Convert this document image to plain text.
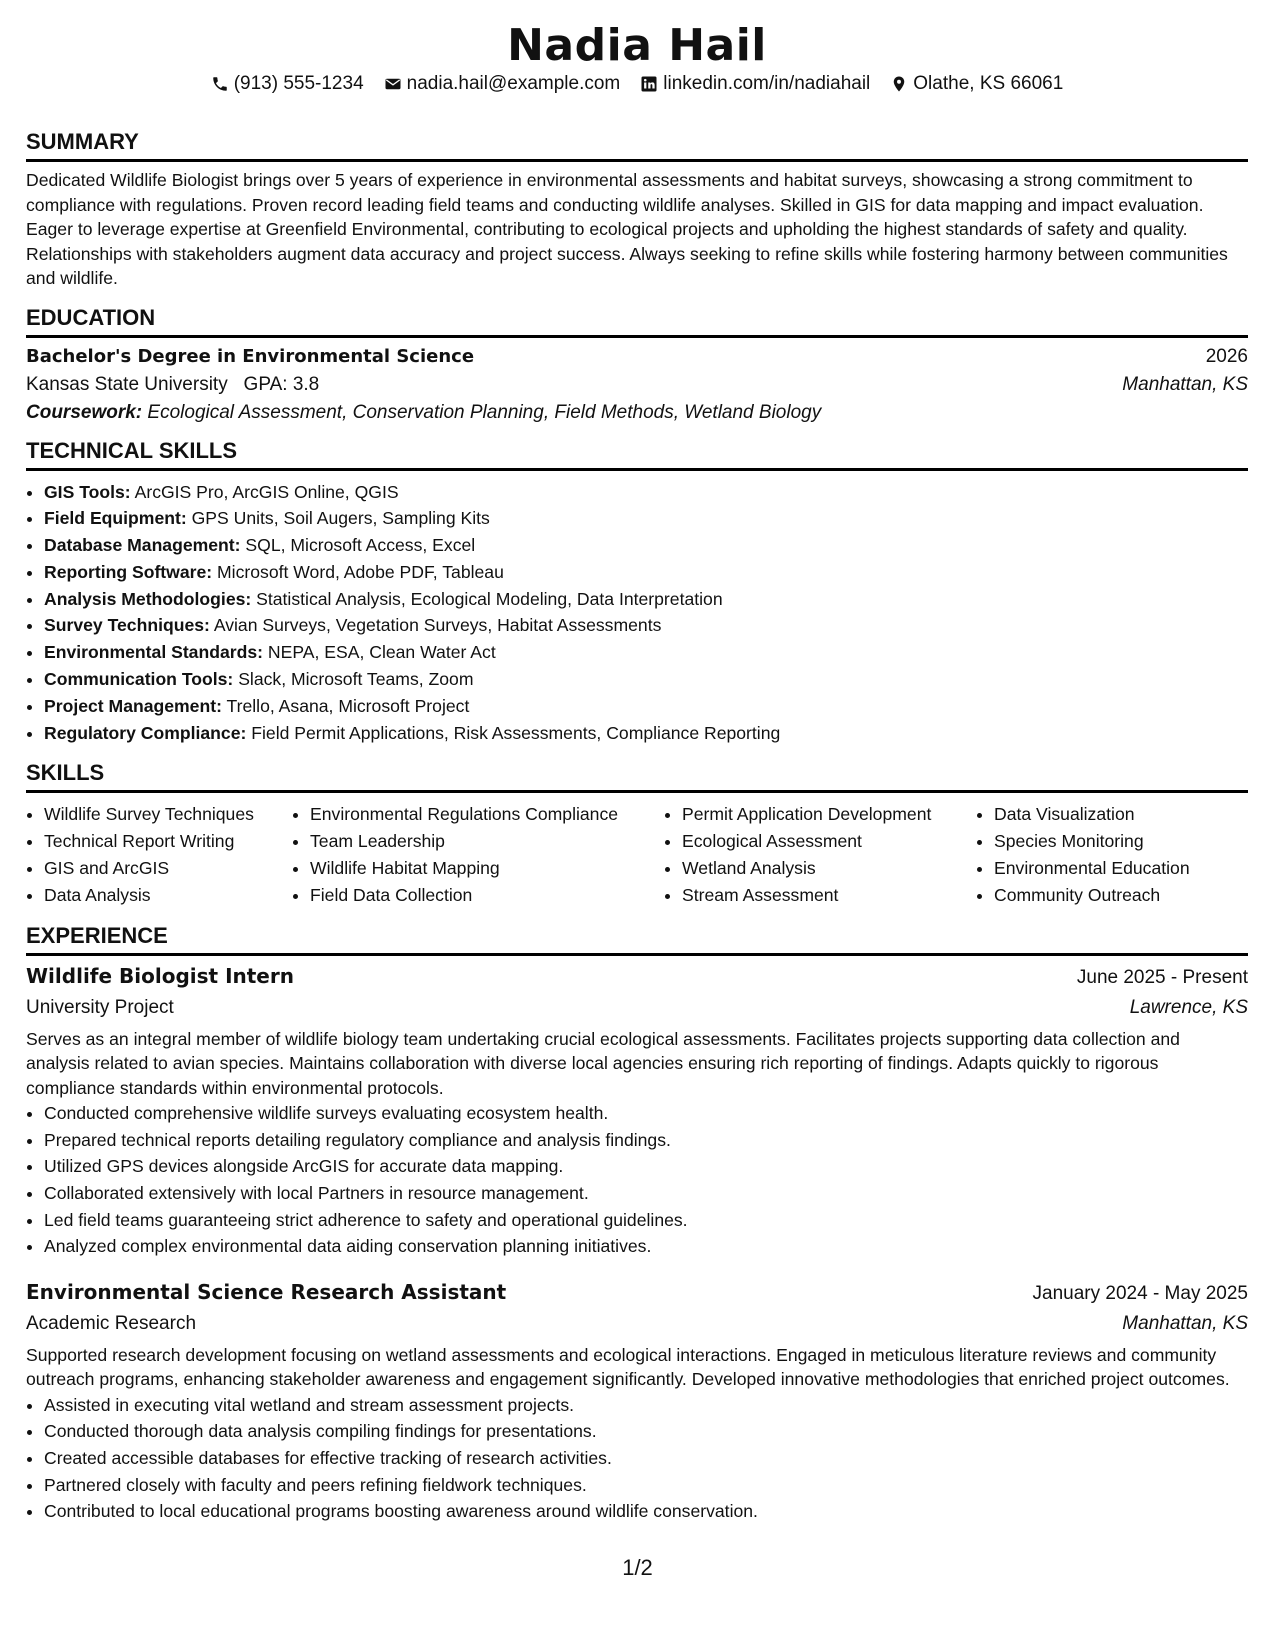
Nadia Hail
(913) 555-1234 nadia.hail@example.com linkedin.com/in/nadiahail Olathe, KS 66061
SUMMARY
Dedicated Wildlife Biologist brings over 5 years of experience in environmental assessments and habitat surveys, showcasing a strong commitment to compliance with regulations. Proven record leading field teams and conducting wildlife analyses. Skilled in GIS for data mapping and impact evaluation. Eager to leverage expertise at Greenfield Environmental, contributing to ecological projects and upholding the highest standards of safety and quality. Relationships with stakeholders augment data accuracy and project success. Always seeking to refine skills while fostering harmony between communities and wildlife.
EDUCATION
Bachelor's Degree in Environmental Science	2026
Kansas State University GPA: 3.8	Manhattan, KS
Coursework: Ecological Assessment, Conservation Planning, Field Methods, Wetland Biology
TECHNICAL SKILLS
• GIS Tools: ArcGIS Pro, ArcGIS Online, QGIS
• Field Equipment: GPS Units, Soil Augers, Sampling Kits
• Database Management: SQL, Microsoft Access, Excel
• Reporting Software: Microsoft Word, Adobe PDF, Tableau
• Analysis Methodologies: Statistical Analysis, Ecological Modeling, Data Interpretation
• Survey Techniques: Avian Surveys, Vegetation Surveys, Habitat Assessments
• Environmental Standards: NEPA, ESA, Clean Water Act
• Communication Tools: Slack, Microsoft Teams, Zoom
• Project Management: Trello, Asana, Microsoft Project
• Regulatory Compliance: Field Permit Applications, Risk Assessments, Compliance Reporting
SKILLS
• Wildlife Survey Techniques
• Technical Report Writing
• GIS and ArcGIS
• Data Analysis
• Environmental Regulations Compliance
• Team Leadership
• Wildlife Habitat Mapping
• Field Data Collection
• Permit Application Development
• Ecological Assessment
• Wetland Analysis
• Stream Assessment
• Data Visualization
• Species Monitoring
• Environmental Education
• Community Outreach
EXPERIENCE
Wildlife Biologist Intern	June 2025 - Present
University Project	Lawrence, KS
Serves as an integral member of wildlife biology team undertaking crucial ecological assessments. Facilitates projects supporting data collection and analysis related to avian species. Maintains collaboration with diverse local agencies ensuring rich reporting of findings. Adapts quickly to rigorous compliance standards within environmental protocols.
• Conducted comprehensive wildlife surveys evaluating ecosystem health.
• Prepared technical reports detailing regulatory compliance and analysis findings.
• Utilized GPS devices alongside ArcGIS for accurate data mapping.
• Collaborated extensively with local Partners in resource management.
• Led field teams guaranteeing strict adherence to safety and operational guidelines.
• Analyzed complex environmental data aiding conservation planning initiatives.
Environmental Science Research Assistant	January 2024 - May 2025
Academic Research	Manhattan, KS
Supported research development focusing on wetland assessments and ecological interactions. Engaged in meticulous literature reviews and community outreach programs, enhancing stakeholder awareness and engagement significantly. Developed innovative methodologies that enriched project outcomes.
• Assisted in executing vital wetland and stream assessment projects.
• Conducted thorough data analysis compiling findings for presentations.
• Created accessible databases for effective tracking of research activities.
• Partnered closely with faculty and peers refining fieldwork techniques.
• Contributed to local educational programs boosting awareness around wildlife conservation.
1/2
